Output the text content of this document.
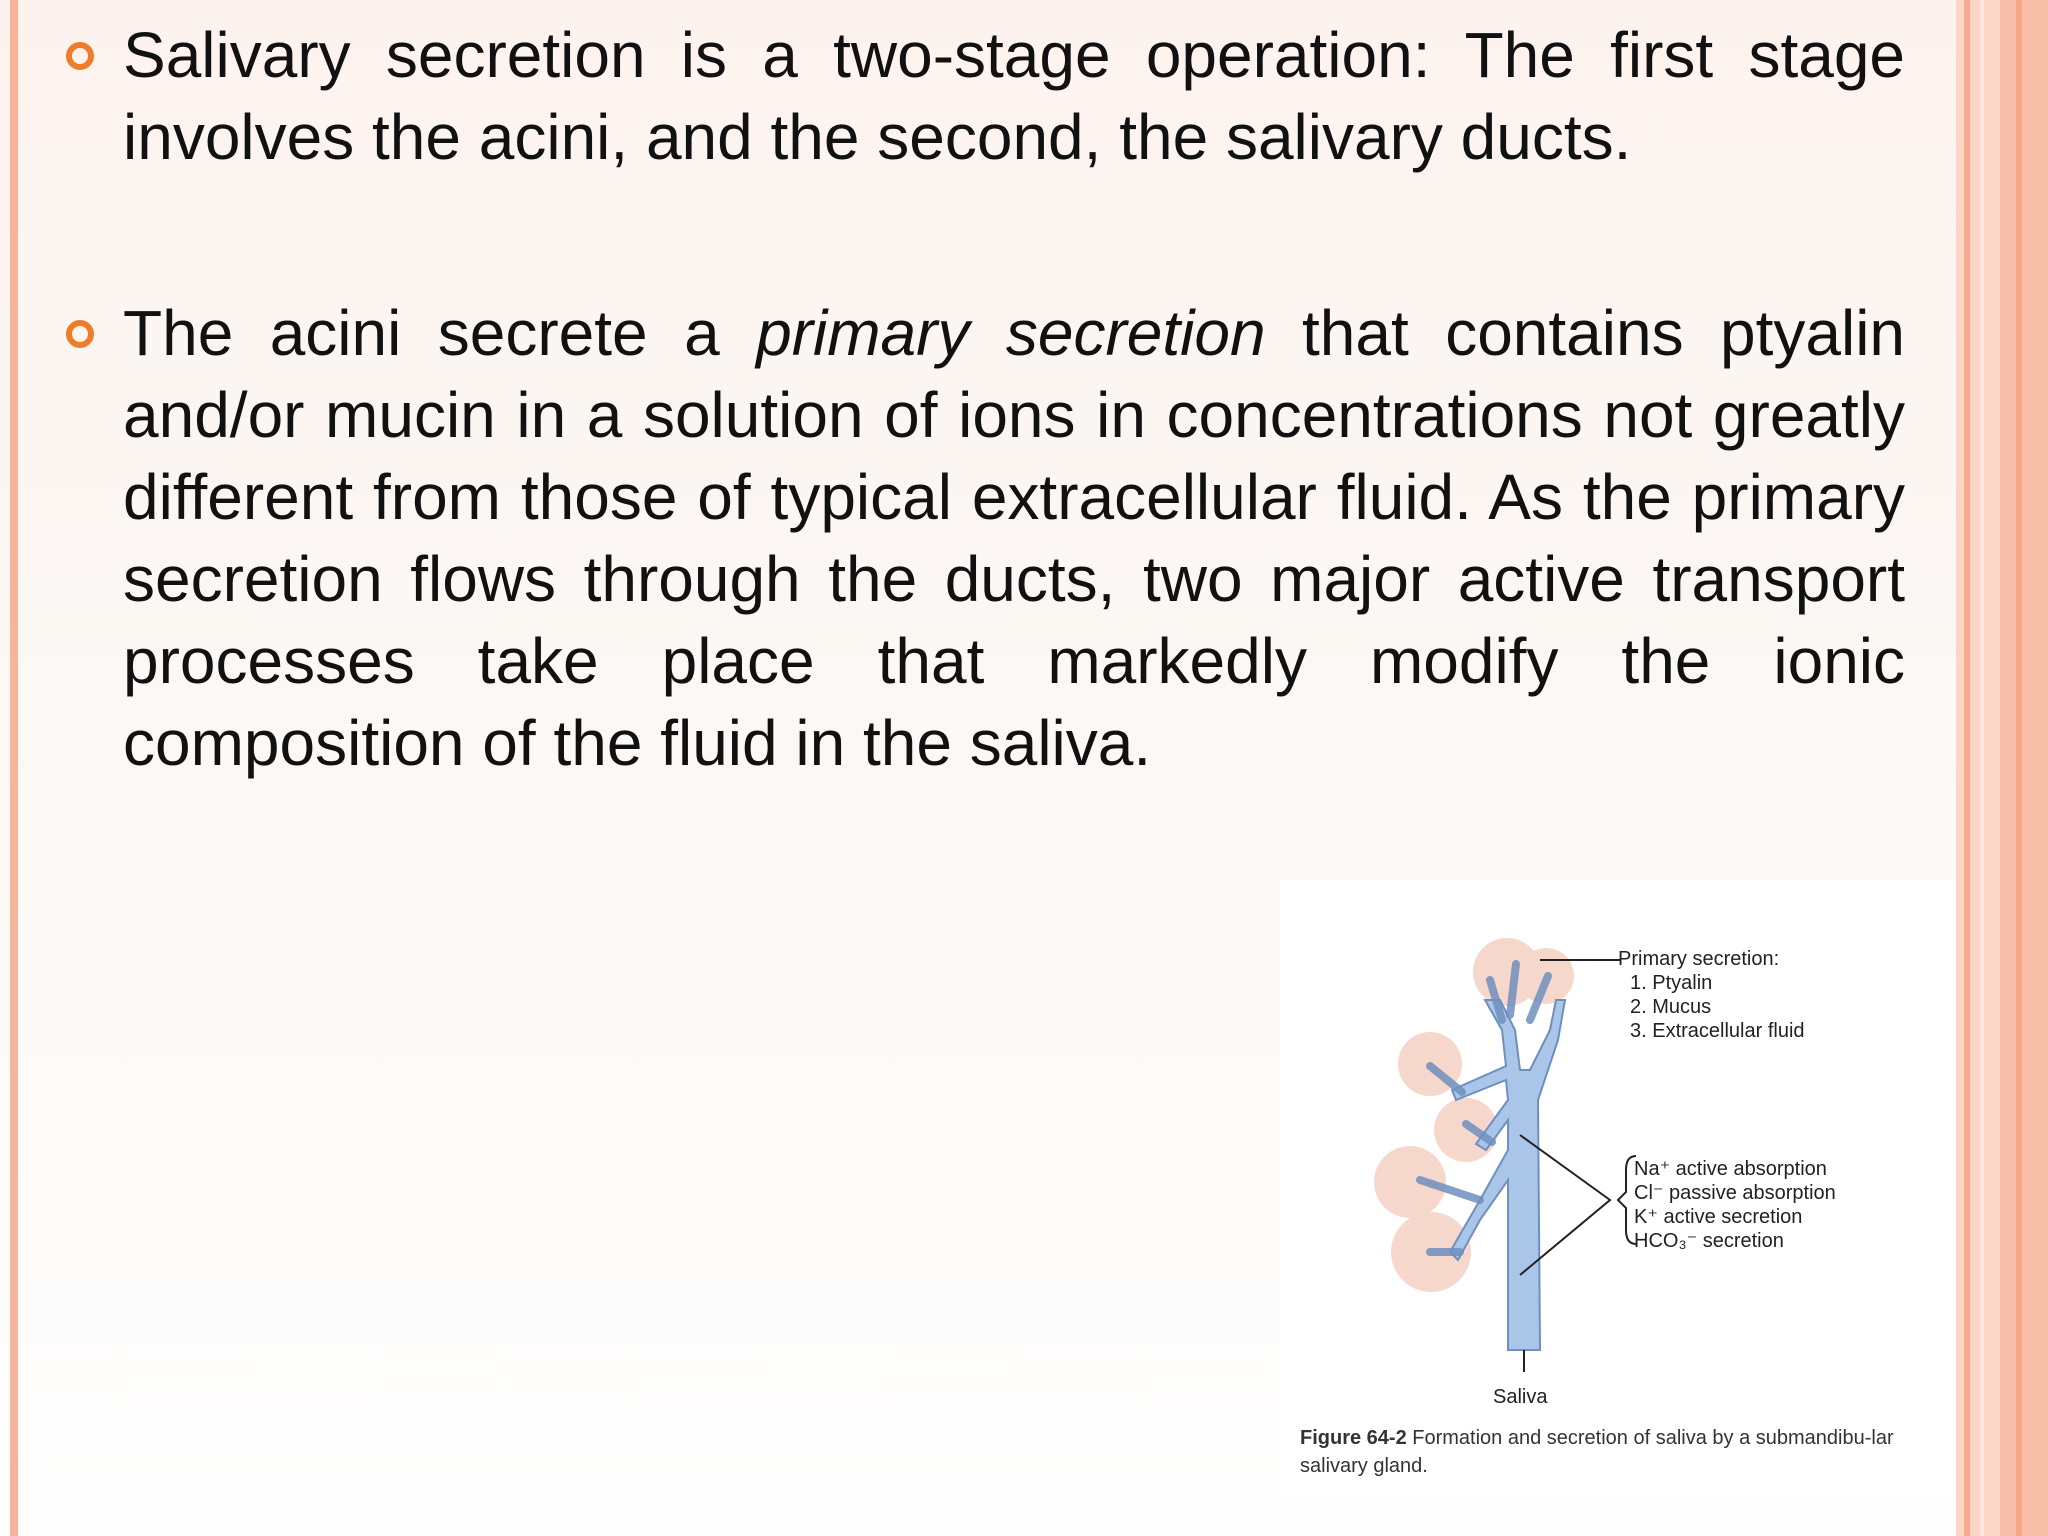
Salivary secretion is a two-stage operation: The first stage involves the acini, and the second, the salivary ducts.

The acini secrete a primary secretion that contains ptyalin and/or mucin in a solution of ions in concentrations not greatly different from those of typical extracellular fluid. As the primary secretion flows through the ducts, two major active transport processes take place that markedly modify the ionic composition of the fluid in the saliva.

Primary secretion:
1. Ptyalin
2. Mucus
3. Extracellular fluid
Na⁺ active absorption
Cl⁻ passive absorption
K⁺ active secretion
HCO₃⁻ secretion
Saliva
Figure 64-2 Formation and secretion of saliva by a submandibu-lar salivary gland.
